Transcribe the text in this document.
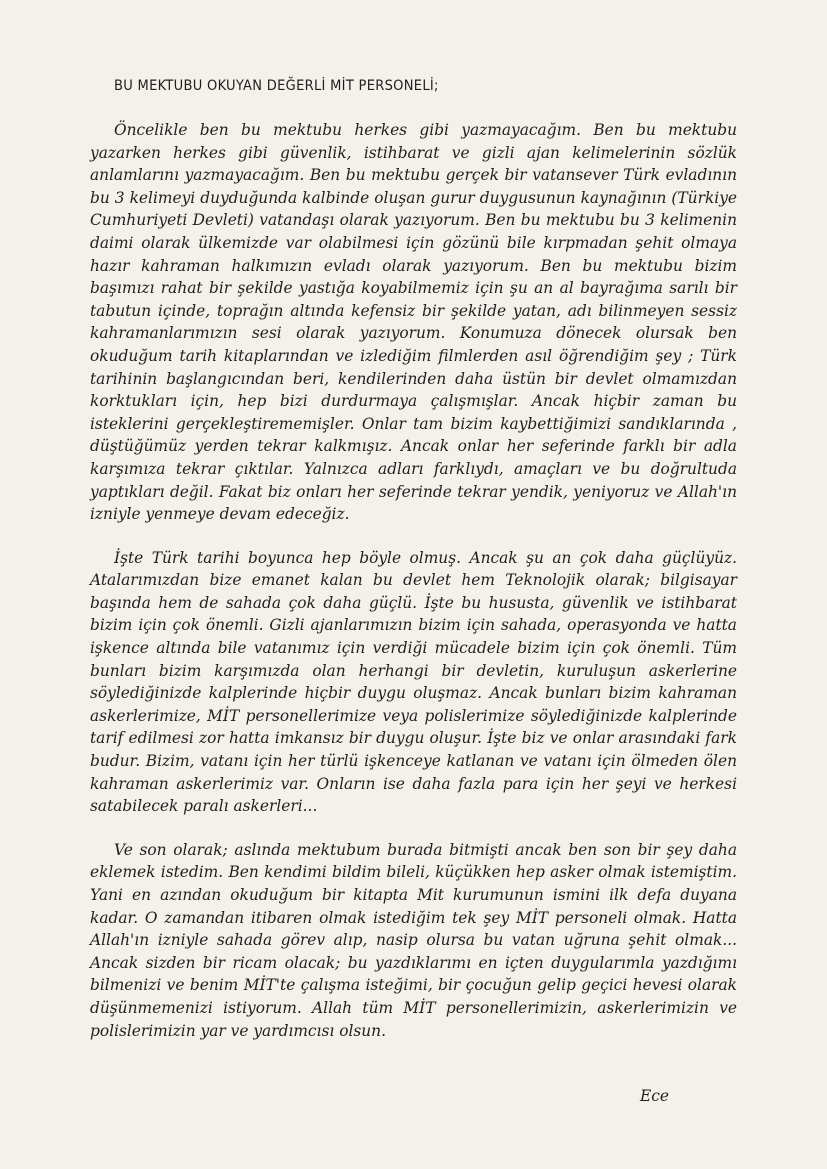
BU MEKTUBU OKUYAN DEĞERLİ MİT PERSONELİ;

Öncelikle ben bu mektubu herkes gibi yazmayacağım. Ben bu mektubu yazarken herkes gibi güvenlik, istihbarat ve gizli ajan kelimelerinin sözlük anlamlarını yazmayacağım. Ben bu mektubu gerçek bir vatansever Türk evladının bu 3 kelimeyi duyduğunda kalbinde oluşan gurur duygusunun kaynağının (Türkiye Cumhuriyeti Devleti) vatandaşı olarak yazıyorum. Ben bu mektubu bu 3 kelimenin daimi olarak ülkemizde var olabilmesi için gözünü bile kırpmadan şehit olmaya hazır kahraman halkımızın evladı olarak yazıyorum. Ben bu mektubu bizim başımızı rahat bir şekilde yastığa koyabilmemiz için şu an al bayrağıma sarılı bir tabutun içinde, toprağın altında kefensiz bir şekilde yatan, adı bilinmeyen sessiz kahramanlarımızın sesi olarak yazıyorum. Konumuza dönecek olursak ben okuduğum tarih kitaplarından ve izlediğim filmlerden asıl öğrendiğim şey ; Türk tarihinin başlangıcından beri, kendilerinden daha üstün bir devlet olmamızdan korktukları için, hep bizi durdurmaya çalışmışlar. Ancak hiçbir zaman bu isteklerini gerçekleştirememişler. Onlar tam bizim kaybettiğimizi sandıklarında , düştüğümüz yerden tekrar kalkmışız. Ancak onlar her seferinde farklı bir adla karşımıza tekrar çıktılar. Yalnızca adları farklıydı, amaçları ve bu doğrultuda yaptıkları değil. Fakat biz onları her seferinde tekrar yendik, yeniyoruz ve Allah'ın izniyle yenmeye devam edeceğiz.

İşte Türk tarihi boyunca hep böyle olmuş. Ancak şu an çok daha güçlüyüz. Atalarımızdan bize emanet kalan bu devlet hem Teknolojik olarak; bilgisayar başında hem de sahada çok daha güçlü. İşte bu hususta, güvenlik ve istihbarat bizim için çok önemli. Gizli ajanlarımızın bizim için sahada, operasyonda ve hatta işkence altında bile vatanımız için verdiği mücadele bizim için çok önemli. Tüm bunları bizim karşımızda olan herhangi bir devletin, kuruluşun askerlerine söylediğinizde kalplerinde hiçbir duygu oluşmaz. Ancak bunları bizim kahraman askerlerimize, MİT personellerimize veya polislerimize söylediğinizde kalplerinde tarif edilmesi zor hatta imkansız bir duygu oluşur. İşte biz ve onlar arasındaki fark budur. Bizim, vatanı için her türlü işkenceye katlanan ve vatanı için ölmeden ölen kahraman askerlerimiz var. Onların ise daha fazla para için her şeyi ve herkesi satabilecek paralı askerleri...

Ve son olarak; aslında mektubum burada bitmişti ancak ben son bir şey daha eklemek istedim. Ben kendimi bildim bileli, küçükken hep asker olmak istemiştim. Yani en azından okuduğum bir kitapta Mit kurumunun ismini ilk defa duyana kadar. O zamandan itibaren olmak istediğim tek şey MİT personeli olmak. Hatta Allah'ın izniyle sahada görev alıp, nasip olursa bu vatan uğruna şehit olmak... Ancak sizden bir ricam olacak; bu yazdıklarımı en içten duygularımla yazdığımı bilmenizi ve benim MİT'te çalışma isteğimi, bir çocuğun gelip geçici hevesi olarak düşünmemenizi istiyorum. Allah tüm MİT personellerimizin, askerlerimizin ve polislerimizin yar ve yardımcısı olsun.

Ece
